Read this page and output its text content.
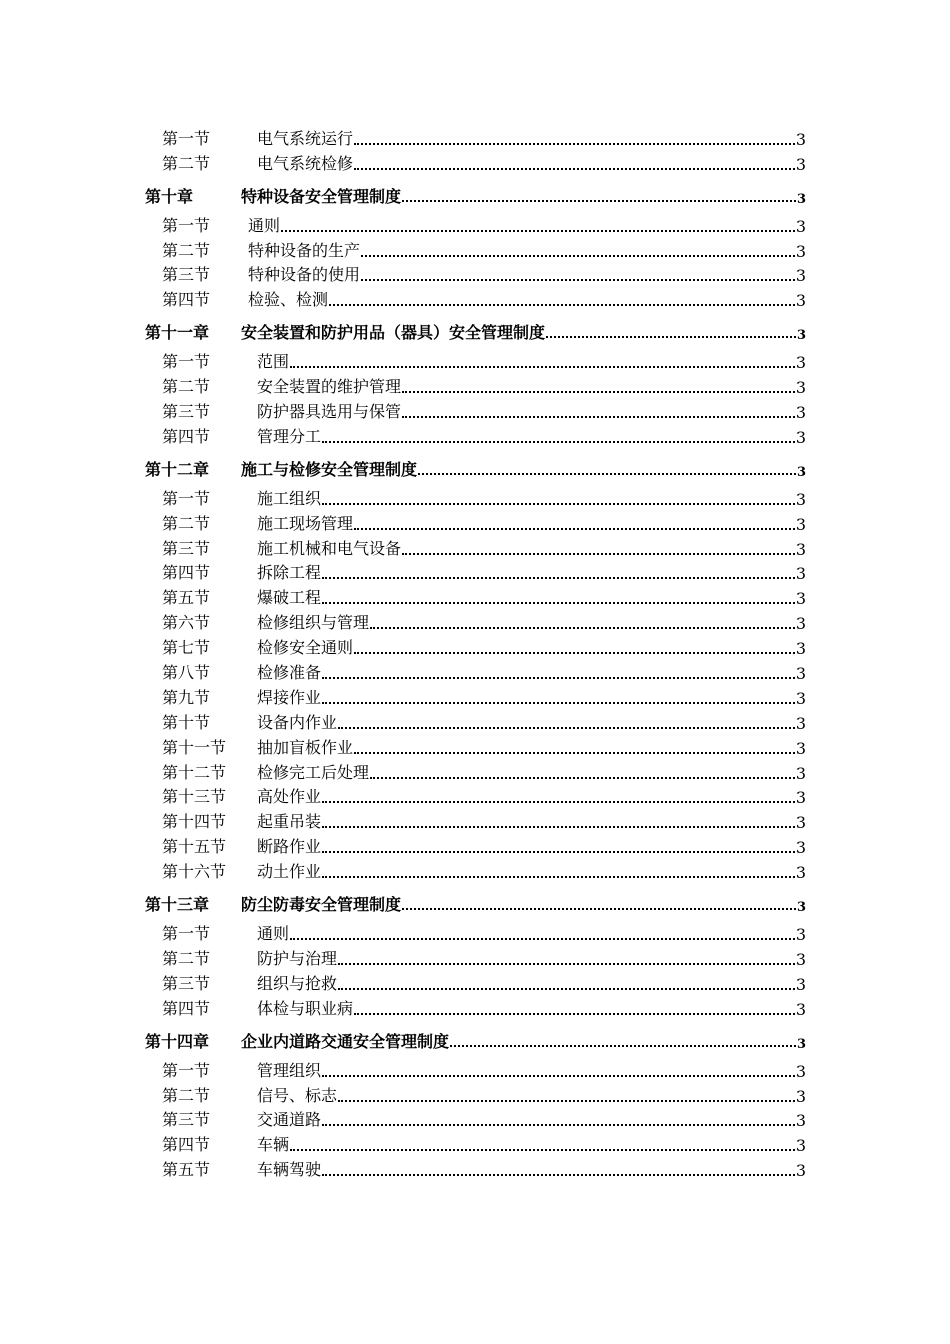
第一节	电气系统运行	3
第二节	电气系统检修	3
第十章	特种设备安全管理制度	3
第一节	通则	3
第二节	特种设备的生产	3
第三节	特种设备的使用	3
第四节	检验、检测	3
第十一章	安全装置和防护用品（器具）安全管理制度	3
第一节	范围	3
第二节	安全装置的维护管理	3
第三节	防护器具选用与保管	3
第四节	管理分工	3
第十二章	施工与检修安全管理制度	3
第一节	施工组织	3
第二节	施工现场管理	3
第三节	施工机械和电气设备	3
第四节	拆除工程	3
第五节	爆破工程	3
第六节	检修组织与管理	3
第七节	检修安全通则	3
第八节	检修准备	3
第九节	焊接作业	3
第十节	设备内作业	3
第十一节	抽加盲板作业	3
第十二节	检修完工后处理	3
第十三节	高处作业	3
第十四节	起重吊装	3
第十五节	断路作业	3
第十六节	动土作业	3
第十三章	防尘防毒安全管理制度	3
第一节	通则	3
第二节	防护与治理	3
第三节	组织与抢救	3
第四节	体检与职业病	3
第十四章	企业内道路交通安全管理制度	3
第一节	管理组织	3
第二节	信号、标志	3
第三节	交通道路	3
第四节	车辆	3
第五节	车辆驾驶	3
